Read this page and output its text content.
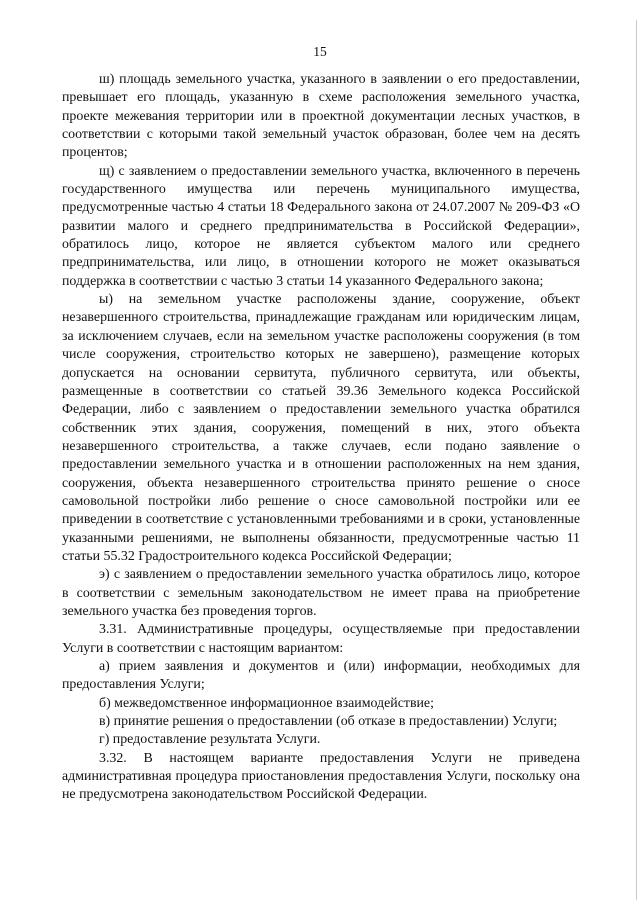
15

ш) площадь земельного участка, указанного в заявлении о его предоставлении, превышает его площадь, указанную в схеме расположения земельного участка, проекте межевания территории или в проектной документации лесных участков, в соответствии с которыми такой земельный участок образован, более чем на десять процентов;

щ) с заявлением о предоставлении земельного участка, включенного в перечень государственного имущества или перечень муниципального имущества, предусмотренные частью 4 статьи 18 Федерального закона от 24.07.2007 № 209-ФЗ «О развитии малого и среднего предпринимательства в Российской Федерации», обратилось лицо, которое не является субъектом малого или среднего предпринимательства, или лицо, в отношении которого не может оказываться поддержка в соответствии с частью 3 статьи 14 указанного Федерального закона;

ы) на земельном участке расположены здание, сооружение, объект незавершенного строительства, принадлежащие гражданам или юридическим лицам, за исключением случаев, если на земельном участке расположены сооружения (в том числе сооружения, строительство которых не завершено), размещение которых допускается на основании сервитута, публичного сервитута, или объекты, размещенные в соответствии со статьей 39.36 Земельного кодекса Российской Федерации, либо с заявлением о предоставлении земельного участка обратился собственник этих здания, сооружения, помещений в них, этого объекта незавершенного строительства, а также случаев, если подано заявление о предоставлении земельного участка и в отношении расположенных на нем здания, сооружения, объекта незавершенного строительства принято решение о сносе самовольной постройки либо решение о сносе самовольной постройки или ее приведении в соответствие с установленными требованиями и в сроки, установленные указанными решениями, не выполнены обязанности, предусмотренные частью 11 статьи 55.32 Градостроительного кодекса Российской Федерации;

э) с заявлением о предоставлении земельного участка обратилось лицо, которое в соответствии с земельным законодательством не имеет права на приобретение земельного участка без проведения торгов.

3.31. Административные процедуры, осуществляемые при предоставлении Услуги в соответствии с настоящим вариантом:

а) прием заявления и документов и (или) информации, необходимых для предоставления Услуги;

б) межведомственное информационное взаимодействие;

в) принятие решения о предоставлении (об отказе в предоставлении) Услуги;

г) предоставление результата Услуги.

3.32. В настоящем варианте предоставления Услуги не приведена административная процедура приостановления предоставления Услуги, поскольку она не предусмотрена законодательством Российской Федерации.
